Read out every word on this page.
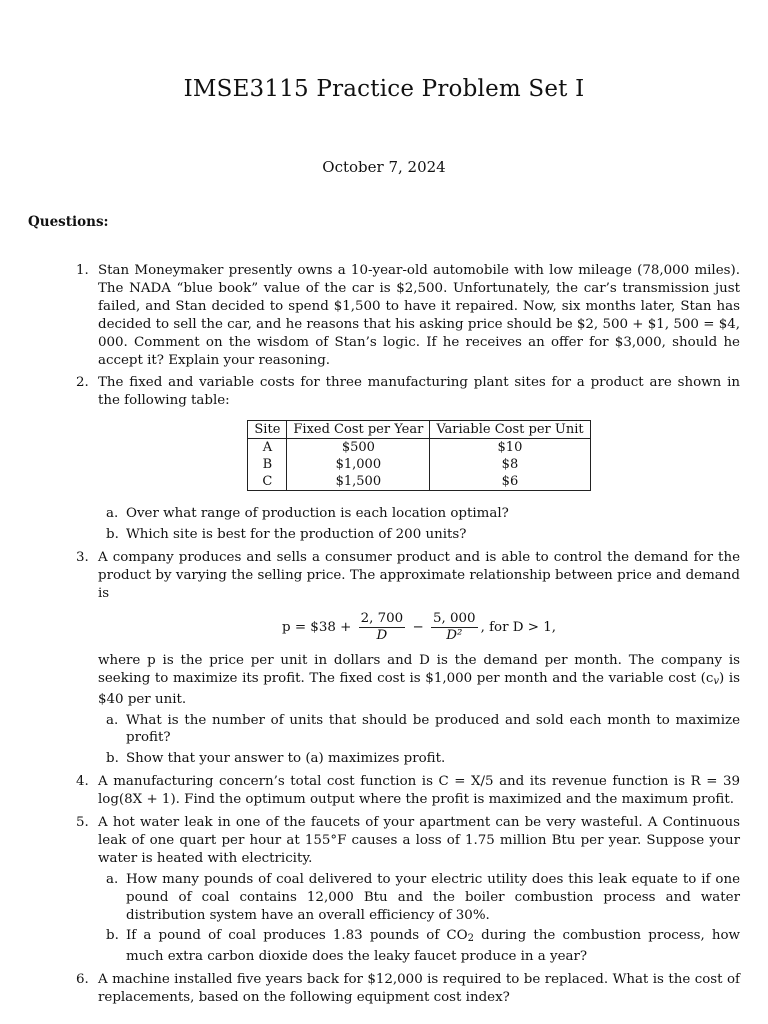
IMSE3115 Practice Problem Set I
October 7, 2024
Questions:
1. Stan Moneymaker presently owns a 10-year-old automobile with low mileage (78,000 miles). The NADA “blue book” value of the car is $2,500. Unfortunately, the car’s transmission just failed, and Stan decided to spend $1,500 to have it repaired. Now, six months later, Stan has decided to sell the car, and he reasons that his asking price should be $2, 500 + $1, 500 = $4, 000. Comment on the wisdom of Stan’s logic. If he receives an offer for $3,000, should he accept it? Explain your reasoning.
2. The fixed and variable costs for three manufacturing plant sites for a product are shown in the following table:
Site	Fixed Cost per Year	Variable Cost per Unit
A	$500	$10
B	$1,000	$8
C	$1,500	$6
a. Over what range of production is each location optimal?
b. Which site is best for the production of 200 units?
3. A company produces and sells a consumer product and is able to control the demand for the product by varying the selling price. The approximate relationship between price and demand is
p = $38 + $\frac{2, 700}{D} - \frac{5, 000}{\text{D²}}$ , for D > 1,
where p is the price per unit in dollars and D is the demand per month. The company is seeking to maximize its profit. The fixed cost is $1,000 per month and the variable cost (cv) is $40 per unit.
a. What is the number of units that should be produced and sold each month to maximize profit?
b. Show that your answer to (a) maximizes profit.
4. A manufacturing concern’s total cost function is C = X/5 and its revenue function is R = 39 log(8X + 1). Find the optimum output where the profit is maximized and the maximum profit.
5. A hot water leak in one of the faucets of your apartment can be very wasteful. A Continuous leak of one quart per hour at 155°F causes a loss of 1.75 million Btu per year. Suppose your water is heated with electricity.
a. How many pounds of coal delivered to your electric utility does this leak equate to if one pound of coal contains 12,000 Btu and the boiler combustion process and water distribution system have an overall efficiency of 30%.
b. If a pound of coal produces 1.83 pounds of CO2 during the combustion process, how much extra carbon dioxide does the leaky faucet produce in a year?
6. A machine installed five years back for $12,000 is required to be replaced. What is the cost of replacements, based on the following equipment cost index?
